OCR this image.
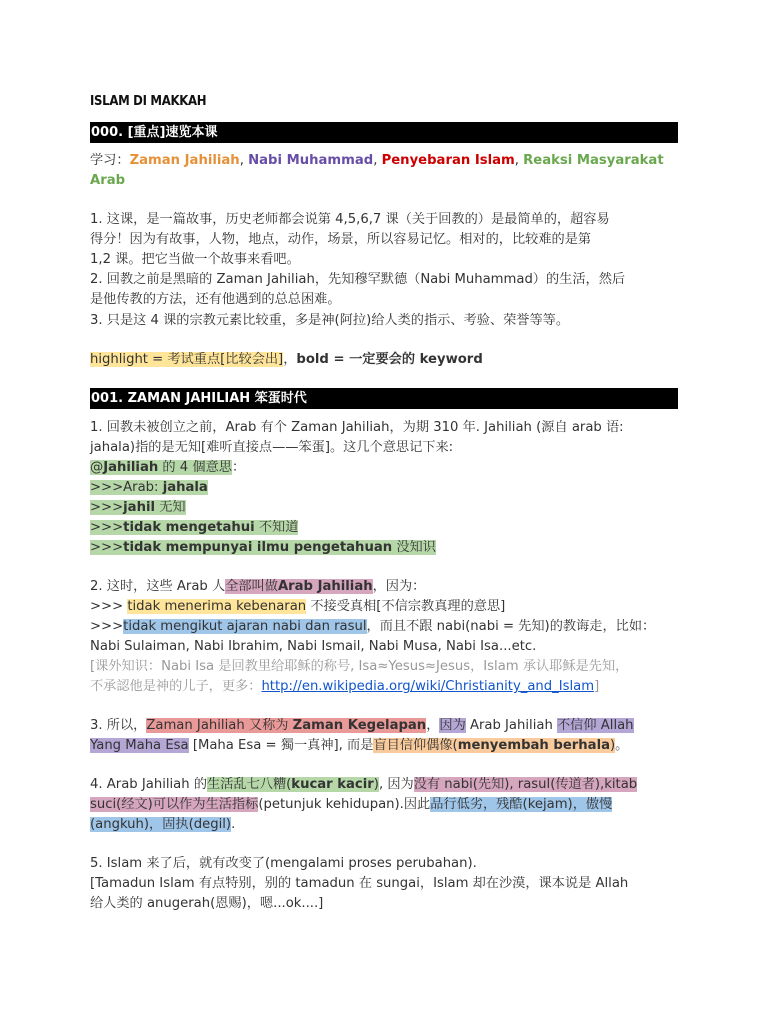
ISLAM DI MAKKAH
000. [重点]速览本课
学习：Zaman Jahiliah, Nabi Muhammad, Penyebaran Islam, Reaksi Masyarakat
Arab
1. 这课，是一篇故事，历史老师都会说第 4,5,6,7 课（关于回教的）是最简单的，超容易
得分！因为有故事，人物，地点，动作，场景，所以容易记忆。相对的，比较难的是第
1,2 课。把它当做一个故事来看吧。
2. 回教之前是黑暗的 Zaman Jahiliah，先知穆罕默德（Nabi Muhammad）的生活，然后
是他传教的方法，还有他遇到的总总困难。
3. 只是这 4 课的宗教元素比较重，多是神(阿拉)给人类的指示、考验、荣誉等等。
highlight = 考试重点[比较会出]，bold = 一定要会的 keyword
001. ZAMAN JAHILIAH 笨蛋时代
1. 回教未被创立之前，Arab 有个 Zaman Jahiliah，为期 310 年. Jahiliah (源自 arab 语:
jahala)指的是无知[难听直接点——笨蛋]。这几个意思记下来:
@Jahiliah 的 4 個意思：
>>>Arab: jahala
>>>jahil 无知
>>>tidak mengetahui 不知道
>>>tidak mempunyai ilmu pengetahuan 没知识
2. 这时，这些 Arab 人全部叫做Arab Jahiliah，因为：
>>> tidak menerima kebenaran 不接受真相[不信宗教真理的意思]
>>>tidak mengikut ajaran nabi dan rasul，而且不跟 nabi(nabi = 先知)的教诲走，比如：
Nabi Sulaiman, Nabi Ibrahim, Nabi Ismail, Nabi Musa, Nabi Isa...etc.
[课外知识：Nabi Isa 是回教里给耶稣的称号, Isa≈Yesus≈Jesus，Islam 承认耶稣是先知，
不承認他是神的儿子，更多：http://en.wikipedia.org/wiki/Christianity_and_Islam]
3. 所以，Zaman Jahiliah 又称为 Zaman Kegelapan，因为 Arab Jahiliah 不信仰 Allah
Yang Maha Esa [Maha Esa = 獨一真神], 而是盲目信仰偶像(menyembah berhala)。
4. Arab Jahiliah 的生活乱七八糟(kucar kacir), 因为没有 nabi(先知), rasul(传道者),kitab
suci(经文)可以作为生活指标(petunjuk kehidupan).因此品行低劣，残酷(kejam)，傲慢
(angkuh)，固执(degil).
5. Islam 来了后，就有改变了(mengalami proses perubahan).
[Tamadun Islam 有点特别，别的 tamadun 在 sungai，Islam 却在沙漠，课本说是 Allah
给人类的 anugerah(恩赐)，嗯...ok....]
